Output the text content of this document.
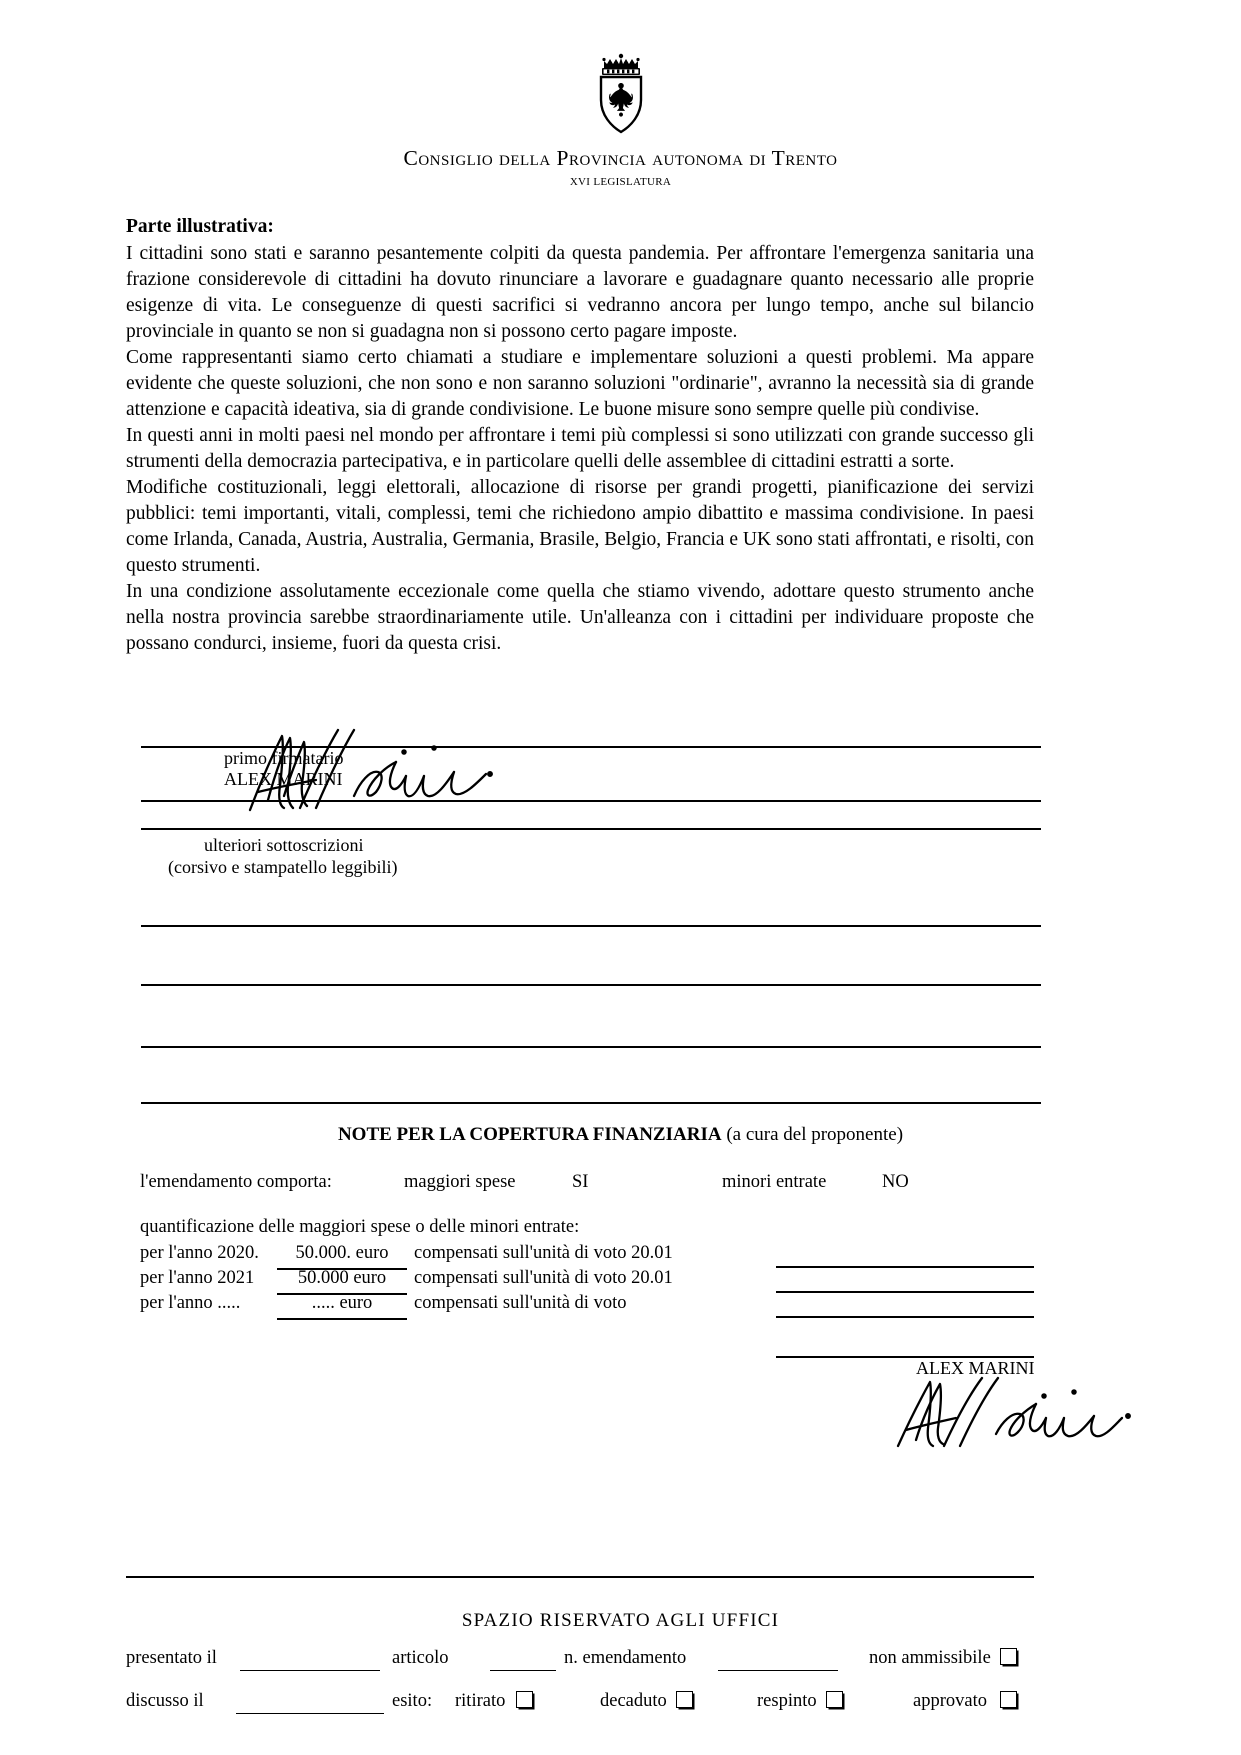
Consiglio della Provincia autonoma di Trento
XVI LEGISLATURA

Parte illustrativa:

I cittadini sono stati e saranno pesantemente colpiti da questa pandemia. Per affrontare l'emergenza sanitaria una frazione considerevole di cittadini ha dovuto rinunciare a lavorare e guadagnare quanto necessario alle proprie esigenze di vita. Le conseguenze di questi sacrifici si vedranno ancora per lungo tempo, anche sul bilancio provinciale in quanto se non si guadagna non si possono certo pagare imposte.

Come rappresentanti siamo certo chiamati a studiare e implementare soluzioni a questi problemi. Ma appare evidente che queste soluzioni, che non sono e non saranno soluzioni "ordinarie", avranno la necessità sia di grande attenzione e capacità ideativa, sia di grande condivisione. Le buone misure sono sempre quelle più condivise.

In questi anni in molti paesi nel mondo per affrontare i temi più complessi si sono utilizzati con grande successo gli strumenti della democrazia partecipativa, e in particolare quelli delle assemblee di cittadini estratti a sorte.

Modifiche costituzionali, leggi elettorali, allocazione di risorse per grandi progetti, pianificazione dei servizi pubblici: temi importanti, vitali, complessi, temi che richiedono ampio dibattito e massima condivisione. In paesi come Irlanda, Canada, Austria, Australia, Germania, Brasile, Belgio, Francia e UK sono stati affrontati, e risolti, con questo strumenti.

In una condizione assolutamente eccezionale come quella che stiamo vivendo, adottare questo strumento anche nella nostra provincia sarebbe straordinariamente utile. Un'alleanza con i cittadini per individuare proposte che possano condurci, insieme, fuori da questa crisi.

primo firmatario
ALEX MARINI
ulteriori sottoscrizioni
(corsivo e stampatello leggibili)
NOTE PER LA COPERTURA FINANZIARIA (a cura del proponente)
l'emendamento comporta:	maggiori spese	SI	minori entrate	NO
quantificazione delle maggiori spese o delle minori entrate:
per l'anno 2020.	50.000. euro	compensati sull'unità di voto 20.01
per l'anno 2021	50.000 euro	compensati sull'unità di voto 20.01
per l'anno .....	..... euro	compensati sull'unità di voto
ALEX MARINI
SPAZIO RISERVATO AGLI UFFICI
presentato il	articolo	n. emendamento	non ammissibile
discusso il	esito: ritirato	decaduto	respinto	approvato
